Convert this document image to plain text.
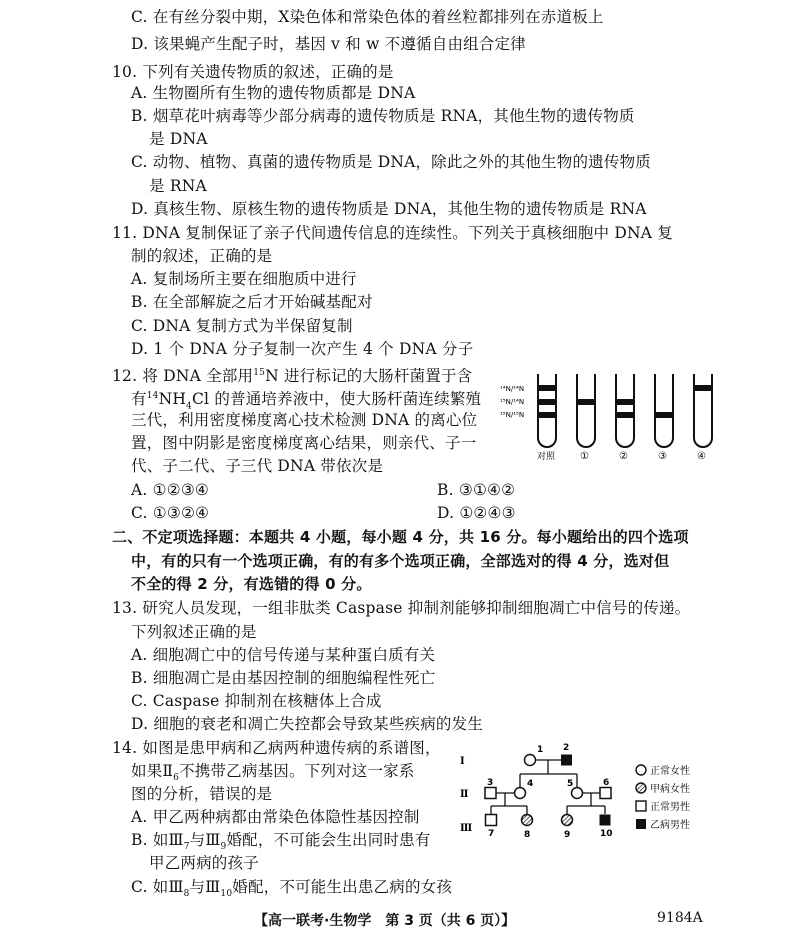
C. 在有丝分裂中期，X染色体和常染色体的着丝粒都排列在赤道板上
D. 该果蝇产生配子时，基因 v 和 w 不遵循自由组合定律
10. 下列有关遗传物质的叙述，正确的是
A. 生物圈所有生物的遗传物质都是 DNA
B. 烟草花叶病毒等少部分病毒的遗传物质是 RNA，其他生物的遗传物质
是 DNA
C. 动物、植物、真菌的遗传物质是 DNA，除此之外的其他生物的遗传物质
是 RNA
D. 真核生物、原核生物的遗传物质是 DNA，其他生物的遗传物质是 RNA
11. DNA 复制保证了亲子代间遗传信息的连续性。下列关于真核细胞中 DNA 复
制的叙述，正确的是
A. 复制场所主要在细胞质中进行
B. 在全部解旋之后才开始碱基配对
C. DNA 复制方式为半保留复制
D. 1 个 DNA 分子复制一次产生 4 个 DNA 分子
12. 将 DNA 全部用$^{15}$N 进行标记的大肠杆菌置于含
有$^{14}NH_4Cl$ 的普通培养液中，使大肠杆菌连续繁殖
三代，利用密度梯度离心技术检测 DNA 的离心位
置，图中阴影是密度梯度离心结果，则亲代、子一
代、子二代、子三代 DNA 带依次是
A. ①②③④	B. ③①④②
C. ①③②④	D. ①②④③
¹⁴N/¹⁴N
¹⁵N/¹⁴N
¹⁵N/¹⁵N
对照 ①	②	③	④
二、不定项选择题：本题共 4 小题，每小题 4 分，共 16 分。每小题给出的四个选项
中，有的只有一个选项正确，有的有多个选项正确，全部选对的得 4 分，选对但
不全的得 2 分，有选错的得 0 分。
13. 研究人员发现，一组非肽类 Caspase 抑制剂能够抑制细胞凋亡中信号的传递。
下列叙述正确的是
A. 细胞凋亡中的信号传递与某种蛋白质有关
B. 细胞凋亡是由基因控制的细胞编程性死亡
C. Caspase 抑制剂在核糖体上合成
D. 细胞的衰老和凋亡失控都会导致某些疾病的发生
14. 如图是患甲病和乙病两种遗传病的系谱图，
如果$Ⅱ_6$不携带乙病基因。下列对这一家系
图的分析，错误的是
A. 甲乙两种病都由常染色体隐性基因控制
B. 如$Ⅲ_7$与$Ⅲ_9$婚配，不可能会生出同时患有
甲乙两病的孩子
C. 如$Ⅲ_8$与$Ⅲ_{10}$婚配，不可能生出患乙病的女孩
Ⅰ
Ⅱ
Ⅲ
1 2
3	4	5	6
7	8	9	10
正常女性
甲病女性
正常男性
乙病男性
【高一联考·生物学　第 3 页（共 6 页）】	9184A
